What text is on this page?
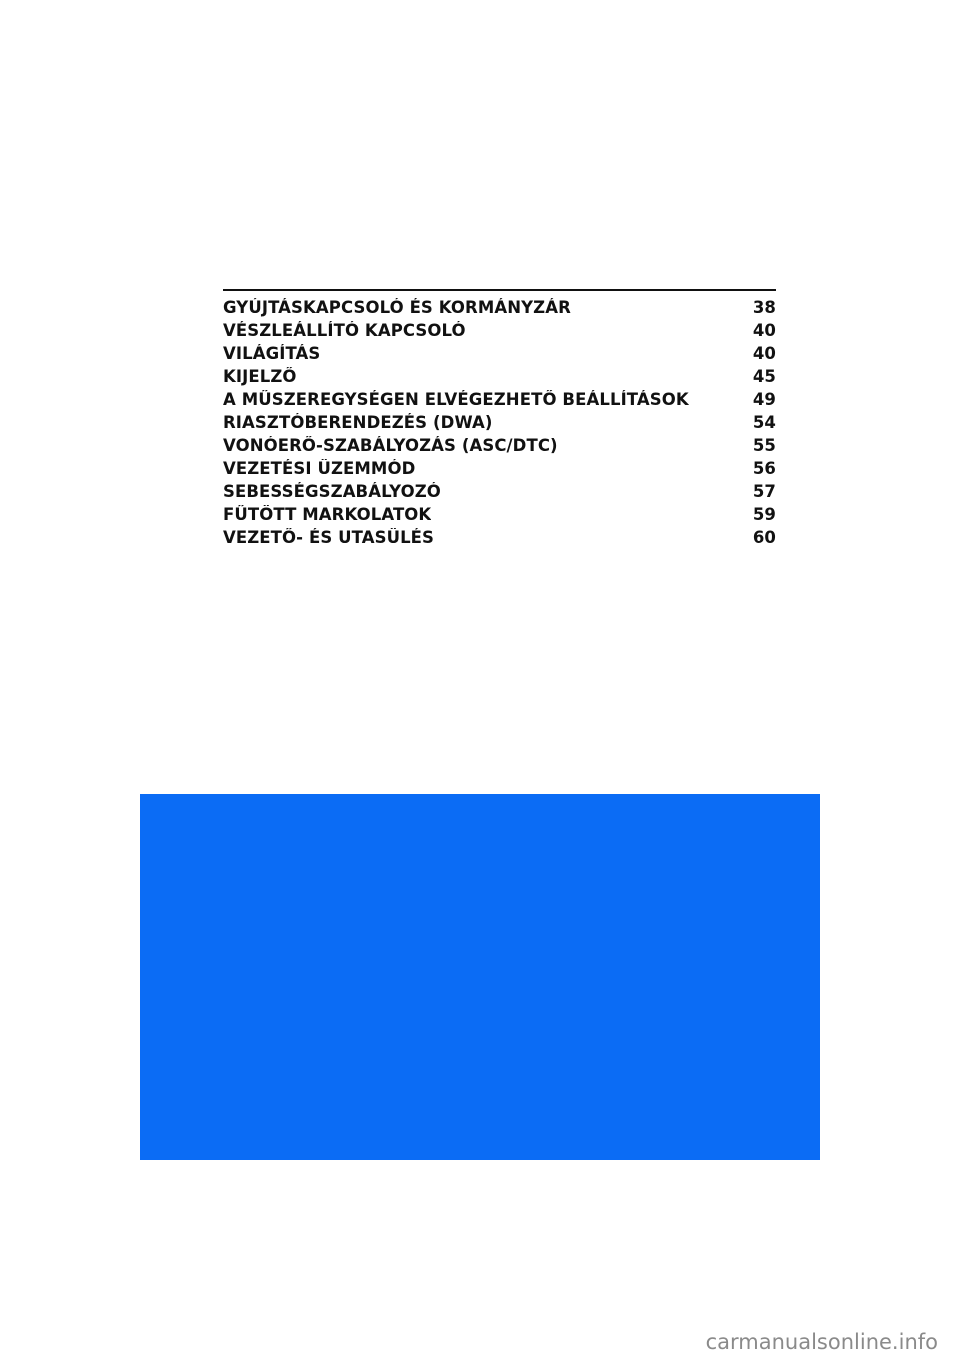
GYÚJTÁSKAPCSOLÓ ÉS KORMÁNYZÁR	38
VÉSZLEÁLLÍTÓ KAPCSOLÓ	40
VILÁGÍTÁS	40
KIJELZŐ	45
A MŰSZEREGYSÉGEN ELVÉGEZHETŐ BEÁLLÍTÁSOK	49
RIASZTÓBERENDEZÉS (DWA)	54
VONÓERŐ-SZABÁLYOZÁS (ASC/DTC)	55
VEZETÉSI ÜZEMMÓD	56
SEBESSÉGSZABÁLYOZÓ	57
FŰTÖTT MARKOLATOK	59
VEZETŐ- ÉS UTASÜLÉS	60
carmanualsonline.info
